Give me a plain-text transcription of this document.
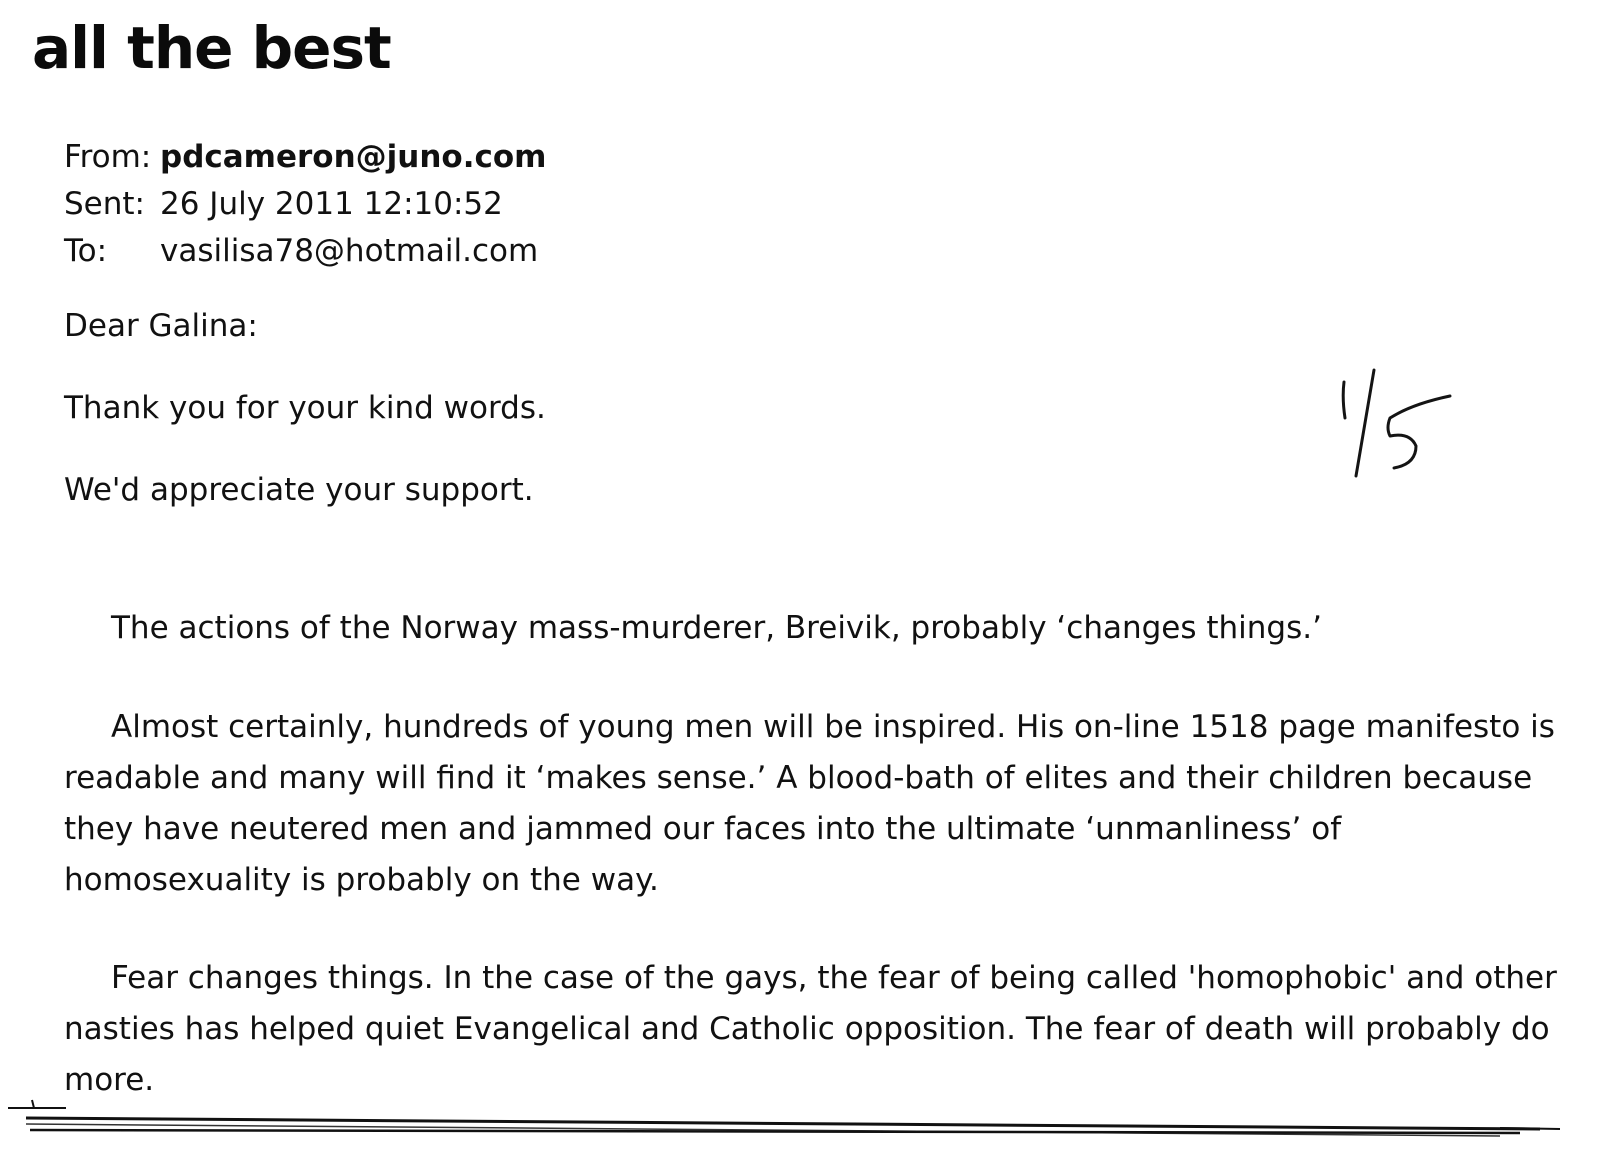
all the best
From: pdcameron@juno.com
Sent: 26 July 2011 12:10:52
To: vasilisa78@hotmail.com
Dear Galina:
Thank you for your kind words.
We'd appreciate your support.

The actions of the Norway mass-murderer, Breivik, probably ‘changes things.’

Almost certainly, hundreds of young men will be inspired. His on-line 1518 page manifesto is readable and many will find it ‘makes sense.’ A blood-bath of elites and their children because they have neutered men and jammed our faces into the ultimate ‘unmanliness’ of homosexuality is probably on the way.

Fear changes things. In the case of the gays, the fear of being called 'homophobic' and other nasties has helped quiet Evangelical and Catholic opposition. The fear of death will probably do more.
